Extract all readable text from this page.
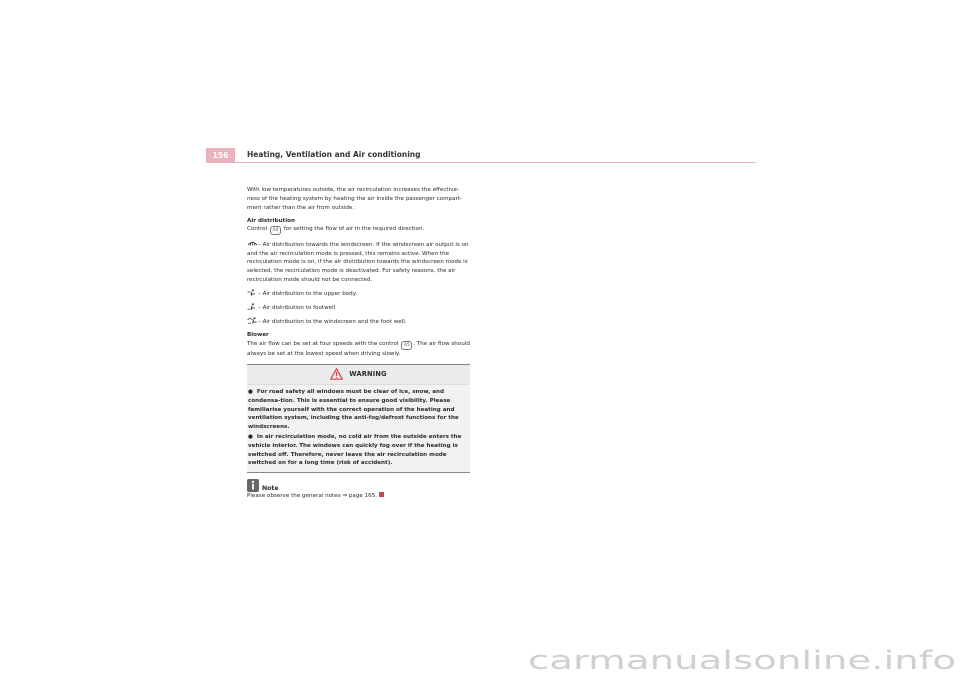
156	Heating, Ventilation and Air conditioning

With low temperatures outside, the air recirculation increases the effective-ness of the heating system by heating the air inside the passenger compart-ment rather than the air from outside.

Air distribution

Control A4 for setting the flow of air in the required direction.

– Air distribution towards the windscreen. If the windscreen air output is on and the air recirculation mode is pressed, this remains active. When the recirculation mode is on, if the air distribution towards the windscreen mode is selected, the recirculation mode is deactivated. For safety reasons, the air recirculation mode should not be connected.

– Air distribution to the upper body.

– Air distribution to footwell

– Air distribution to the windscreen and the foot well.

Blower

The air flow can be set at four speeds with the control A5 . The air flow should always be set at the lowest speed when driving slowly.

WARNING
● For road safety all windows must be clear of ice, snow, and condensa-tion. This is essential to ensure good visibility. Please familiarise yourself with the correct operation of the heating and ventilation system, including the anti-fog/defrost functions for the windscreens.
● In air recirculation mode, no cold air from the outside enters the vehicle interior. The windows can quickly fog over if the heating is switched off. Therefore, never leave the air recirculation mode switched on for a long time (risk of accident).
Note

Please observe the general notes ⇒ page 165.

carmanualsonline.info
